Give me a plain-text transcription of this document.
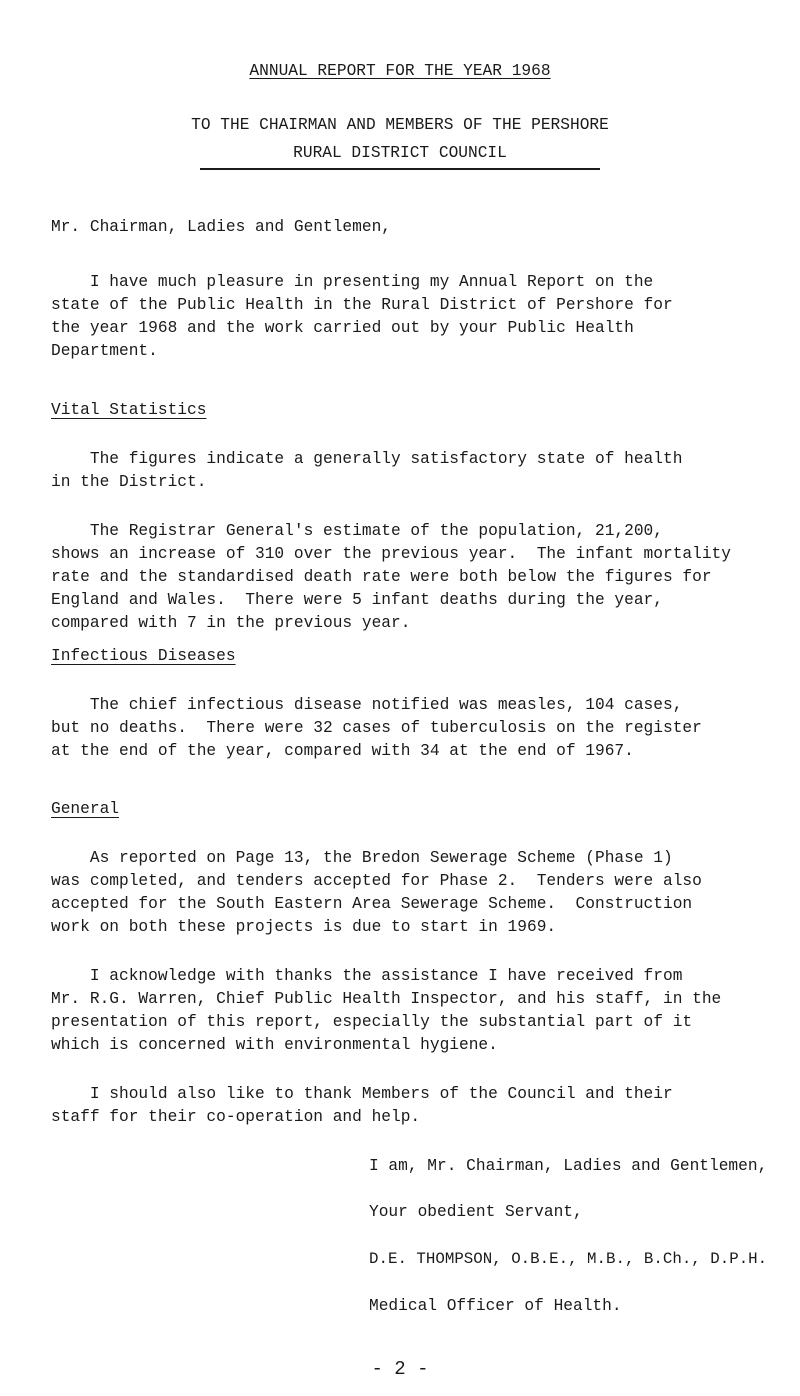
ANNUAL REPORT FOR THE YEAR 1968
TO THE CHAIRMAN AND MEMBERS OF THE PERSHORE
RURAL DISTRICT COUNCIL
Mr. Chairman, Ladies and Gentlemen,
I have much pleasure in presenting my Annual Report on the
state of the Public Health in the Rural District of Pershore for
the year 1968 and the work carried out by your Public Health
Department.
Vital Statistics
The figures indicate a generally satisfactory state of health
in the District.
The Registrar General's estimate of the population, 21,200,
shows an increase of 310 over the previous year.  The infant mortality
rate and the standardised death rate were both below the figures for
England and Wales.  There were 5 infant deaths during the year,
compared with 7 in the previous year.
Infectious Diseases
The chief infectious disease notified was measles, 104 cases,
but no deaths.  There were 32 cases of tuberculosis on the register
at the end of the year, compared with 34 at the end of 1967.
General
As reported on Page 13, the Bredon Sewerage Scheme (Phase 1)
was completed, and tenders accepted for Phase 2.  Tenders were also
accepted for the South Eastern Area Sewerage Scheme.  Construction
work on both these projects is due to start in 1969.
I acknowledge with thanks the assistance I have received from
Mr. R.G. Warren, Chief Public Health Inspector, and his staff, in the
presentation of this report, especially the substantial part of it
which is concerned with environmental hygiene.
I should also like to thank Members of the Council and their
staff for their co-operation and help.
I am, Mr. Chairman, Ladies and Gentlemen,
Your obedient Servant,
D.E. THOMPSON, O.B.E., M.B., B.Ch., D.P.H.
Medical Officer of Health.
- 2 -
